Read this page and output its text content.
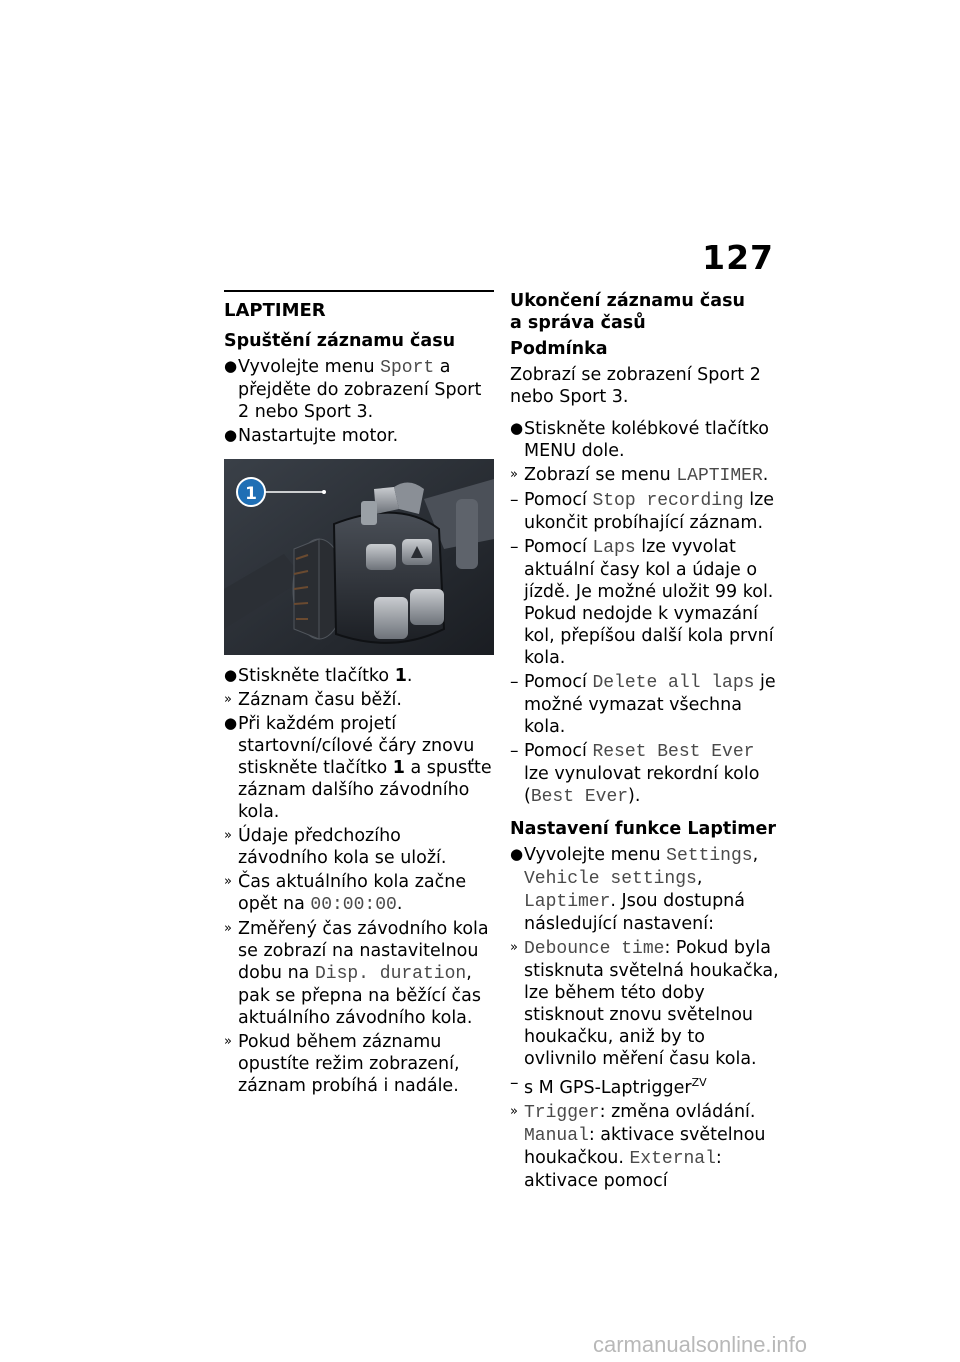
127
LAPTIMER
Spuštění záznamu času
● Vyvolejte menu Sport a přejděte do zobrazení Sport 2 nebo Sport 3.
● Nastartujte motor.
1
● Stiskněte tlačítko 1.
» Záznam času běží.
● Při každém projetí startovní/cílové čáry znovu stiskněte tlačítko 1 a spusťte záznam dalšího závodního kola.
» Údaje předchozího závodního kola se uloží.
» Čas aktuálního kola začne opět na 00:00:00.
» Změřený čas závodního kola se zobrazí na nastavitelnou dobu na Disp. duration, pak se přepna na běžící čas aktuálního závodního kola.
» Pokud během záznamu opustíte režim zobrazení, záznam probíhá i nadále.
Ukončení záznamu času
a správa časů
Podmínka
Zobrazí se zobrazení Sport 2 nebo Sport 3.
● Stiskněte kolébkové tlačítko MENU dole.
» Zobrazí se menu LAPTIMER.
– Pomocí Stop recording lze ukončit probíhající záznam.
– Pomocí Laps lze vyvolat aktuální časy kol a údaje o jízdě. Je možné uložit 99 kol. Pokud nedojde k vymazání kol, přepíšou další kola první kola.
– Pomocí Delete all laps je možné vymazat všechna kola.
– Pomocí Reset Best Ever lze vynulovat rekordní kolo (Best Ever).
Nastavení funkce Laptimer
● Vyvolejte menu Settings, Vehicle settings, Laptimer. Jsou dostupná následující nastavení:
» Debounce time: Pokud byla stisknuta světelná houkačka, lze během této doby stisknout znovu světelnou houkačku, aniž by to ovlivnilo měření času kola.
– s M GPS-Laptrigger$^{ZV}$
» Trigger: změna ovládání. Manual: aktivace světelnou houkačkou. External: aktivace pomocí
carmanualsonline.info
